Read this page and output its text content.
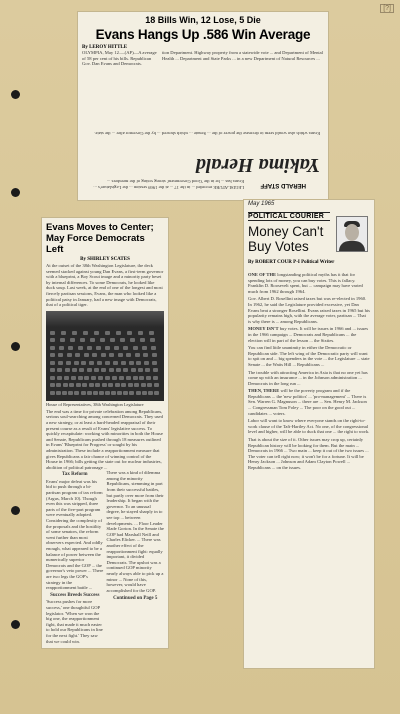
[?]
18 Bills Win, 12 Lose, 5 Die
Evans Hangs Up .586 Win Average
By LEROY HITTLE
OLYMPIA, May 12.—(AP)—A average of 58 per cent of his bills. Republican Gov. Dan Evans and Democrats.
tion Department. Highway property from a statewide vote ... and Department of Mental Health ... Department and State Parks ... in a new Department of Natural Resources ...
HERALD STAFF
Yakima Herald
LEGISLATURE recorded ... in the 17 ... at the 1969 session ... the Legislature's ... Evans has ... be in the 'Good Government' strong voting of the members ...
Evans which also would seem to decrease the power of the ... Senate ... which showed ... by the Governor after ... the state.
Evans Moves to Center; May Force Democrats Left
By SHIRLEY SCATES
At the outset of the 38th Washington Legislature, the deck seemed stacked against young Dan Evans, a first-term governor with a blueprint, a Boy Scout image and a minority party beset by internal differences. To some Democrats, he looked like duck soup. Last week, at the end of one of the longest and most fiercely partisan sessions, Evans, the man who looked like a political patsy in January, had a new image with Democrats, that of a political tiger.
House of Representatives, 38th Washington Legislature
The end was a time for private celebration among Republicans, serious soul-searching among concerned Democrats. They used a new strategy, or at least a hard-headed reappraisal of their present course as a result of Evans' legislative success. To quickly recapitulate: working with minorities in both the House and Senate, Republicans pushed through 18 measures outlined in Evans' 'Blueprint for Progress' or sought by his administration. These include a reapportionment measure that gives Republicans a fair chance of winning control of the House in 1966; bills getting the state out for nuclear industries, abolition of political patronage ...
Tax Reform
Evans' major defeat was his bid to push through a bi-partisan program of tax reform (Argus, March 10). Though even this was stripped, three parts of the five-part program were eventually adopted. Considering the complexity of the proposals and the hostility of some senators, the reform went further than most observers expected. And oddly enough, what appeared to be a balance of power between the numerically superior Democrats and the GOP ... the governor's veto power ... There are two legs the GOP's strategy in the reapportionment battle ...
Success Breeds Success
'Success pushes for more success,' one thoughtful GOP legislator. 'When we won the big one, the reapportionment fight, that made it much easier to hold our Republicans in line for the next fight.' They saw that we could win.
There was a kind of dilemma among the minority Republicans, stemming in part from their successful battles, but partly over more from their leadership. It began with the governor. To an unusual degree, he stayed sharply in to see top ... between developments. ... Floor Leader Slade Gorton. In the Senate the GOP had Marshall Neill and Charles Elicker. ... There was another effect of the reapportionment fight: equally important, it divided Democrats. The upshot was a continued GOP minority nearly always able to pick up a minor ... None of this, however, would have accomplished for the GOP.
Continued on Page 5
May 1965
POLITICAL COURIER
Money Can't Buy Votes
By ROBERT COUR P-I Political Writer

ONE OF THE longstanding political myths has it that for spending lots of money, you can buy votes. This is fallacy. Franklin D. Roosevelt spent, but ... campaign may have varied much from 1962 through 1964.

Gov. Albert D. Rosellini raised taxes but was re-elected in 1960. In 1962, he said the Legislature provided excessive, yet Dan Evans beat a stronger Rosellini. Evans raised taxes in 1965 but his popularity remains high, with the average voter, partisan ... That is why there is ... among Republicans.

MONEY ISN'T buy votes. It will be issues in 1966 and ... issues in the 1966 campaign ... Democrats and Republicans ... the election will in part of the lesson ... the Sixties.

You can find little unanimity in either the Democratic or Republican side. The left wing of the Democratic party will want to spit on and ... big spenders in the vote ... the Legislature ... state Senate ... the Watts Hill ... Republicans ...

The trouble with attracting America in Asia is that no one yet has come up with an insurance ... in the Johnson administration ... Democrats in the long run ...

THEN, THERE will be the poverty program and if the Republicans ... the 'new politics' ... 'pro-management' ... There is Sen. Warren G. Magnuson ... there are ... Sen. Henry M. Jackson ... Congressman Tom Foley ... The poor on the good out ... candidates ... voters.

Labor will want to know where everyone stands on the right-to-work clause of the Taft-Hartley Act. No one, of the congressional level and higher, will be able to duck that one ... the right to work.

That is about the size of it. Other issues may crop up, certainly Republican history will be looking for them. But the main ... Democrats in 1966 ... Two main ... keep it out of the two issues ... The voter can tell right now; it won't be for a fortune. It will be Henry Jackson ... Johnson and Adam Clayton Powell ... Republicans ... on the issues.
